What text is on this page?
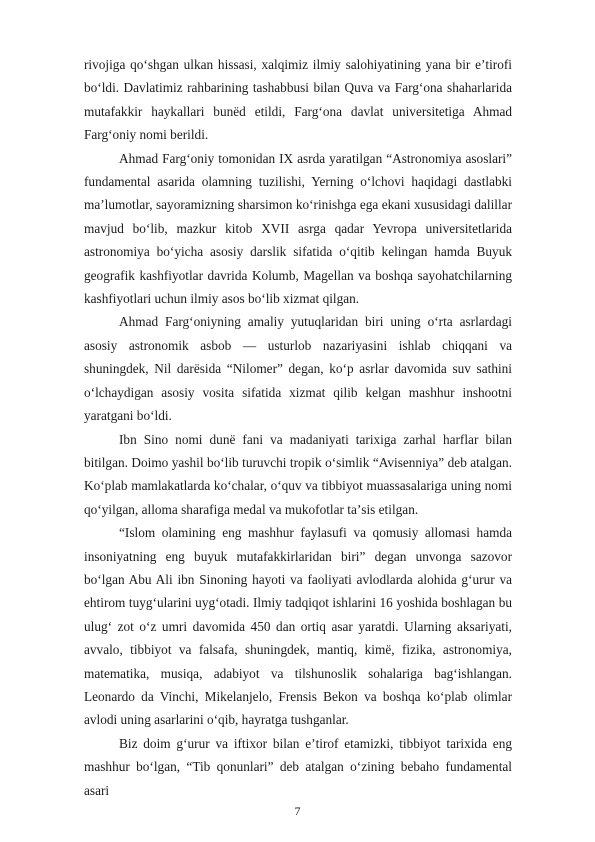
rivojiga qoʻshgan ulkan hissasi, xalqimiz ilmiy salohiyatining yana bir eʼtirofi boʻldi. Davlatimiz rahbarining tashabbusi bilan Quva va Fargʻona shaharlarida mutafakkir haykallari bunёd etildi, Fargʻona davlat universitetiga Ahmad Fargʻoniy nomi berildi.

Ahmad Fargʻoniy tomonidan IX asrda yaratilgan “Astronomiya asoslari” fundamental asarida olamning tuzilishi, Yerning oʻlchovi haqidagi dastlabki maʼlumotlar, sayoramizning sharsimon koʻrinishga ega ekani xususidagi dalillar mavjud boʻlib, mazkur kitob XVII asrga qadar Yevropa universitetlarida astronomiya boʻyicha asosiy darslik sifatida oʻqitib kelingan hamda Buyuk geografik kashfiyotlar davrida Kolumb, Magellan va boshqa sayohatchilarning kashfiyotlari uchun ilmiy asos boʻlib xizmat qilgan.

Ahmad Fargʻoniyning amaliy yutuqlaridan biri uning oʻrta asrlardagi asosiy astronomik asbob — usturlob nazariyasini ishlab chiqqani va shuningdek, Nil darёsida “Nilomer” degan, koʻp asrlar davomida suv sathini oʻlchaydigan asosiy vosita sifatida xizmat qilib kelgan mashhur inshootni yaratgani boʻldi.

Ibn Sino nomi dunё fani va madaniyati tarixiga zarhal harflar bilan bitilgan. Doimo yashil boʻlib turuvchi tropik oʻsimlik “Avisenniya” deb atalgan. Koʻplab mamlakatlarda koʻchalar, oʻquv va tibbiyot muassasalariga uning nomi qoʻyilgan, alloma sharafiga medal va mukofotlar taʼsis etilgan.

“Islom olamining eng mashhur faylasufi va qomusiy allomasi hamda insoniyatning eng buyuk mutafakkirlaridan biri” degan unvonga sazovor boʻlgan Abu Ali ibn Sinoning hayoti va faoliyati avlodlarda alohida gʻurur va ehtirom tuygʻularini uygʻotadi. Ilmiy tadqiqot ishlarini 16 yoshida boshlagan bu ulugʻ zot oʻz umri davomida 450 dan ortiq asar yaratdi. Ularning aksariyati, avvalo, tibbiyot va falsafa, shuningdek, mantiq, kimё, fizika, astronomiya, matematika, musiqa, adabiyot va tilshunoslik sohalariga bagʻishlangan. Leonardo da Vinchi, Mikelanjelo, Frensis Bekon va boshqa koʻplab olimlar avlodi uning asarlarini oʻqib, hayratga tushganlar.

Biz doim gʻurur va iftixor bilan eʼtirof etamizki, tibbiyot tarixida eng mashhur boʻlgan, “Tib qonunlari” deb atalgan oʻzining bebaho fundamental asari

7
